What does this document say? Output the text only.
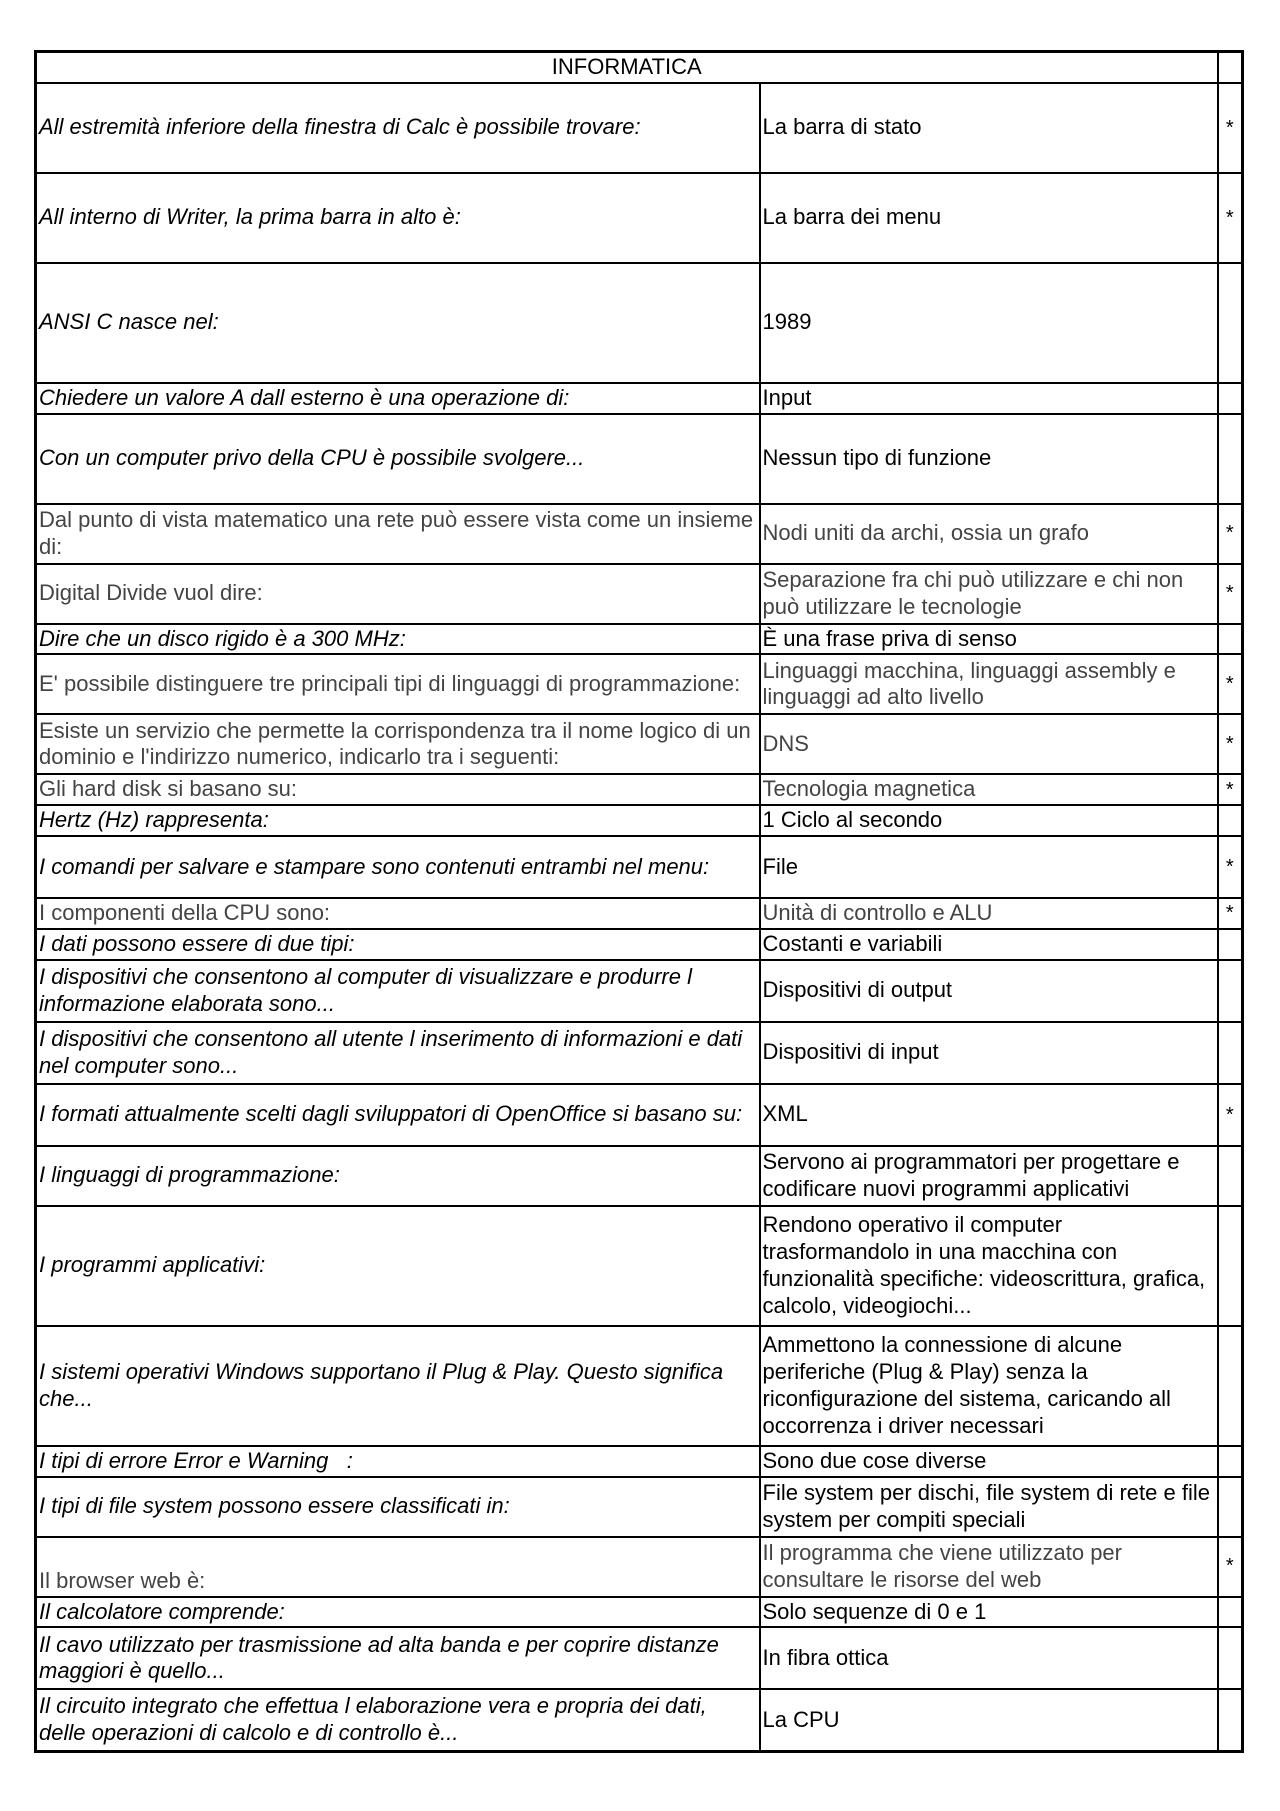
INFORMATICA		
All estremità inferiore della finestra di Calc è possibile trovare:	La barra di stato	*
All interno di Writer, la prima barra in alto è:	La barra dei menu	*
ANSI C nasce nel:	1989	
Chiedere un valore A dall esterno è una operazione di:	Input	
Con un computer privo della CPU è possibile svolgere...	Nessun tipo di funzione	
Dal punto di vista matematico una rete può essere vista come un insieme di:	Nodi uniti da archi, ossia un grafo	*
Digital Divide vuol dire:	Separazione fra chi può utilizzare e chi non può utilizzare le tecnologie	*
Dire che un disco rigido è a 300 MHz:	È una frase priva di senso	
E' possibile distinguere tre principali tipi di linguaggi di programmazione:	Linguaggi macchina, linguaggi assembly e linguaggi ad alto livello	*
Esiste un servizio che permette la corrispondenza tra il nome logico di un dominio e l'indirizzo numerico, indicarlo tra i seguenti:	DNS	*
Gli hard disk si basano su:	Tecnologia magnetica	*
Hertz (Hz) rappresenta:	1 Ciclo al secondo	
I comandi per salvare e stampare sono contenuti entrambi nel menu:	File	*
I componenti della CPU sono:	Unità di controllo e ALU	*
I dati possono essere di due tipi:	Costanti e variabili	
I dispositivi che consentono al computer di visualizzare e produrre l informazione elaborata sono...	Dispositivi di output	
I dispositivi che consentono all utente l inserimento di informazioni e dati nel computer sono...	Dispositivi di input	
I formati attualmente scelti dagli sviluppatori di OpenOffice si basano su:	XML	*
I linguaggi di programmazione:	Servono ai programmatori per progettare e codificare nuovi programmi applicativi	
I programmi applicativi:	Rendono operativo il computer trasformandolo in una macchina con funzionalità specifiche: videoscrittura, grafica, calcolo, videogiochi...	
I sistemi operativi Windows supportano il Plug & Play. Questo significa che...	Ammettono la connessione di alcune periferiche (Plug & Play) senza la riconfigurazione del sistema, caricando all occorrenza i driver necessari	
I tipi di errore Error e Warning   :	Sono due cose diverse	
I tipi di file system possono essere classificati in:	File system per dischi, file system di rete e file system per compiti speciali	
Il browser web è:	Il programma che viene utilizzato per consultare le risorse del web	*
Il calcolatore comprende:	Solo sequenze di 0 e 1	
Il cavo utilizzato per trasmissione ad alta banda e per coprire distanze maggiori è quello...	In fibra ottica	
Il circuito integrato che effettua l elaborazione vera e propria dei dati, delle operazioni di calcolo e di controllo è...	La CPU	
